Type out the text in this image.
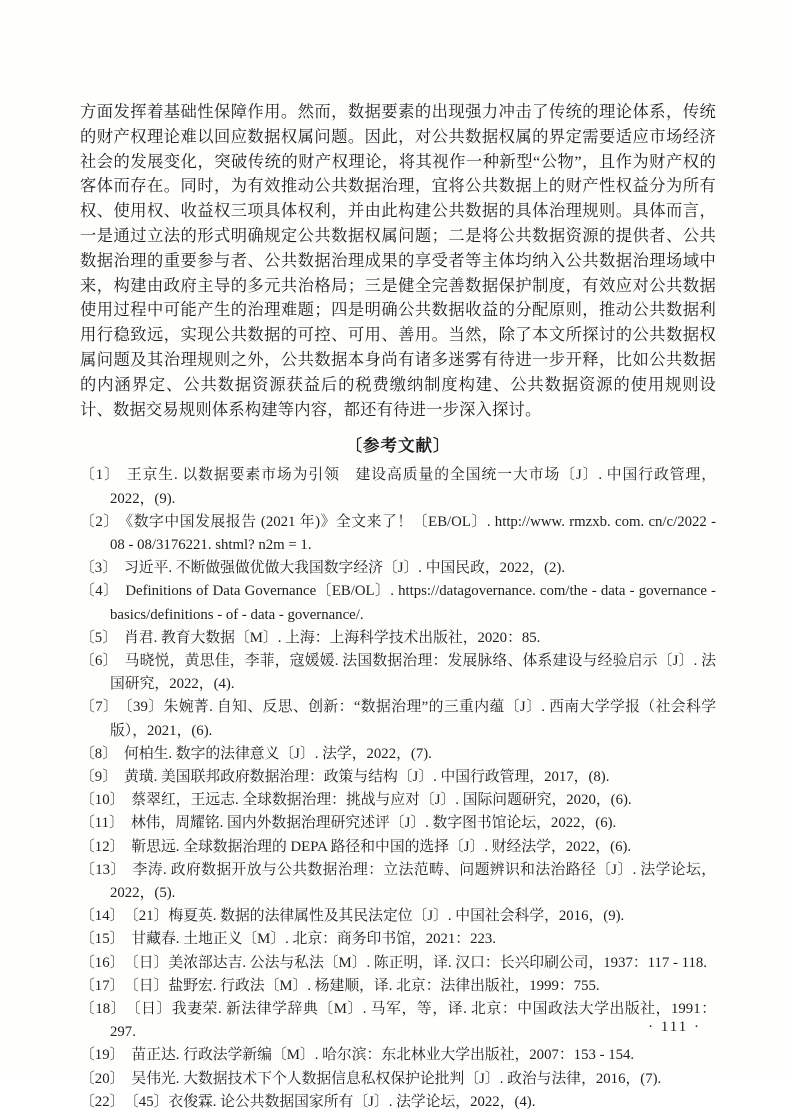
方面发挥着基础性保障作用。然而，数据要素的出现强力冲击了传统的理论体系，传统的财产权理论难以回应数据权属问题。因此，对公共数据权属的界定需要适应市场经济社会的发展变化，突破传统的财产权理论，将其视作一种新型“公物”，且作为财产权的客体而存在。同时，为有效推动公共数据治理，宜将公共数据上的财产性权益分为所有权、使用权、收益权三项具体权利，并由此构建公共数据的具体治理规则。具体而言，一是通过立法的形式明确规定公共数据权属问题；二是将公共数据资源的提供者、公共数据治理的重要参与者、公共数据治理成果的享受者等主体均纳入公共数据治理场域中来，构建由政府主导的多元共治格局；三是健全完善数据保护制度，有效应对公共数据使用过程中可能产生的治理难题；四是明确公共数据收益的分配原则，推动公共数据利用行稳致远，实现公共数据的可控、可用、善用。当然，除了本文所探讨的公共数据权属问题及其治理规则之外，公共数据本身尚有诸多迷雾有待进一步开释，比如公共数据的内涵界定、公共数据资源获益后的税费缴纳制度构建、公共数据资源的使用规则设计、数据交易规则体系构建等内容，都还有待进一步深入探讨。

〔参考文献〕
〔1〕 王京生. 以数据要素市场为引领　建设高质量的全国统一大市场〔J〕. 中国行政管理，2022，(9).
〔2〕 《数字中国发展报告 (2021 年)》全文来了！〔EB/OL〕. http://www. rmzxb. com. cn/c/2022 - 08 - 08/3176221. shtml? n2m = 1.
〔3〕 习近平. 不断做强做优做大我国数字经济〔J〕. 中国民政，2022，(2).
〔4〕 Definitions of Data Governance〔EB/OL〕. https://datagovernance. com/the - data - governance - basics/definitions - of - data - governance/.
〔5〕 肖君. 教育大数据〔M〕. 上海：上海科学技术出版社，2020：85.
〔6〕 马晓悦，黄思佳，李菲，寇媛媛. 法国数据治理：发展脉络、体系建设与经验启示〔J〕. 法国研究，2022，(4).
〔7〕 〔39〕朱婉菁. 自知、反思、创新：“数据治理”的三重内蕴〔J〕. 西南大学学报（社会科学版），2021，(6).
〔8〕 何柏生. 数字的法律意义〔J〕. 法学，2022，(7).
〔9〕 黄璜. 美国联邦政府数据治理：政策与结构〔J〕. 中国行政管理，2017，(8).
〔10〕 蔡翠红，王远志. 全球数据治理：挑战与应对〔J〕. 国际问题研究，2020，(6).
〔11〕 林伟，周耀铭. 国内外数据治理研究述评〔J〕. 数字图书馆论坛，2022，(6).
〔12〕 靳思远. 全球数据治理的 DEPA 路径和中国的选择〔J〕. 财经法学，2022，(6).
〔13〕 李涛. 政府数据开放与公共数据治理：立法范畴、问题辨识和法治路径〔J〕. 法学论坛，2022，(5).
〔14〕 〔21〕梅夏英. 数据的法律属性及其民法定位〔J〕. 中国社会科学，2016，(9).
〔15〕 甘藏春. 土地正义〔M〕. 北京：商务印书馆，2021：223.
〔16〕 〔日〕美浓部达吉. 公法与私法〔M〕. 陈正明，译. 汉口：长兴印刷公司，1937：117 - 118.
〔17〕 〔日〕盐野宏. 行政法〔M〕. 杨建顺，译. 北京：法律出版社，1999：755.
〔18〕 〔日〕我妻荣. 新法律学辞典〔M〕. 马军，等，译. 北京：中国政法大学出版社，1991：297.
〔19〕 苗正达. 行政法学新编〔M〕. 哈尔滨：东北林业大学出版社，2007：153 - 154.
〔20〕 吴伟光. 大数据技术下个人数据信息私权保护论批判〔J〕. 政治与法律，2016，(7).
〔22〕 〔45〕衣俊霖. 论公共数据国家所有〔J〕. 法学论坛，2022，(4).
· 111 ·
